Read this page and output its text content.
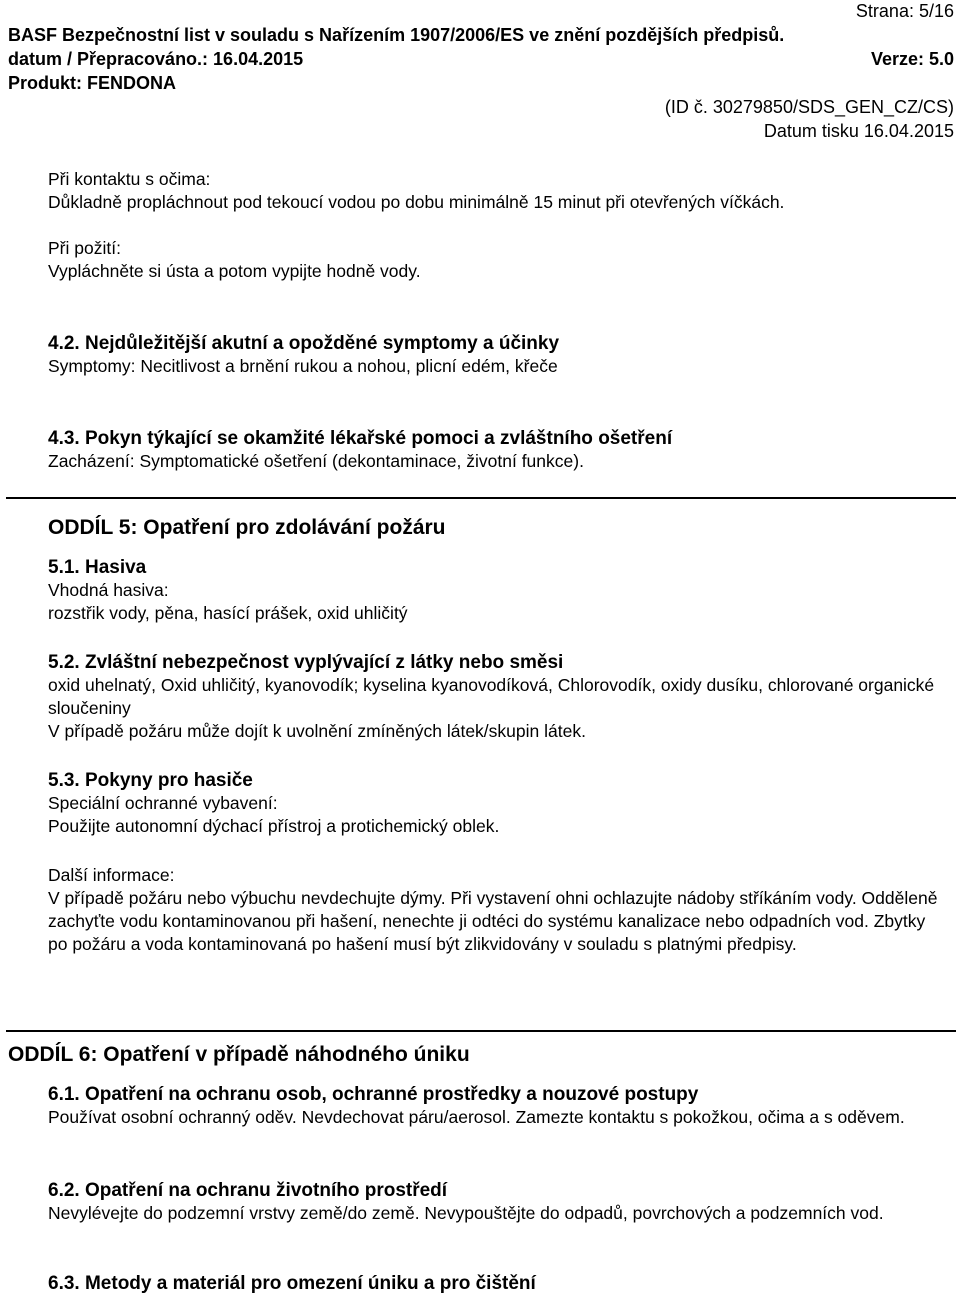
Strana: 5/16
BASF Bezpečnostní list v souladu s Nařízením 1907/2006/ES ve znění pozdějších předpisů.
datum / Přepracováno.: 16.04.2015	Verze: 5.0
Produkt: FENDONA
(ID č. 30279850/SDS_GEN_CZ/CS)
Datum tisku 16.04.2015

Při kontaktu s očima:

Důkladně propláchnout pod tekoucí vodou po dobu minimálně 15 minut při otevřených víčkách.

Při požití:

Vypláchněte si ústa a potom vypijte hodně vody.

4.2. Nejdůležitější akutní a opožděné symptomy a účinky

Symptomy: Necitlivost a brnění rukou a nohou, plicní edém, křeče

4.3. Pokyn týkající se okamžité lékařské pomoci a zvláštního ošetření

Zacházení: Symptomatické ošetření (dekontaminace, životní funkce).

ODDÍL 5: Opatření pro zdolávání požáru

5.1. Hasiva

Vhodná hasiva:

rozstřik vody, pěna, hasící prášek, oxid uhličitý

5.2. Zvláštní nebezpečnost vyplývající z látky nebo směsi

oxid uhelnatý, Oxid uhličitý, kyanovodík; kyselina kyanovodíková, Chlorovodík, oxidy dusíku, chlorované organické sloučeniny

V případě požáru může dojít k uvolnění zmíněných látek/skupin látek.

5.3. Pokyny pro hasiče

Speciální ochranné vybavení:

Použijte autonomní dýchací přístroj a protichemický oblek.

Další informace:

V případě požáru nebo výbuchu nevdechujte dýmy. Při vystavení ohni ochlazujte nádoby stříkáním vody. Odděleně zachyťte vodu kontaminovanou při hašení, nenechte ji odtéci do systému kanalizace nebo odpadních vod. Zbytky po požáru a voda kontaminovaná po hašení musí být zlikvidovány v souladu s platnými předpisy.

ODDÍL 6: Opatření v případě náhodného úniku

6.1. Opatření na ochranu osob, ochranné prostředky a nouzové postupy

Používat osobní ochranný oděv. Nevdechovat páru/aerosol. Zamezte kontaktu s pokožkou, očima a s oděvem.

6.2. Opatření na ochranu životního prostředí

Nevylévejte do podzemní vrstvy země/do země. Nevypouštějte do odpadů, povrchových a podzemních vod.

6.3. Metody a materiál pro omezení úniku a pro čištění
